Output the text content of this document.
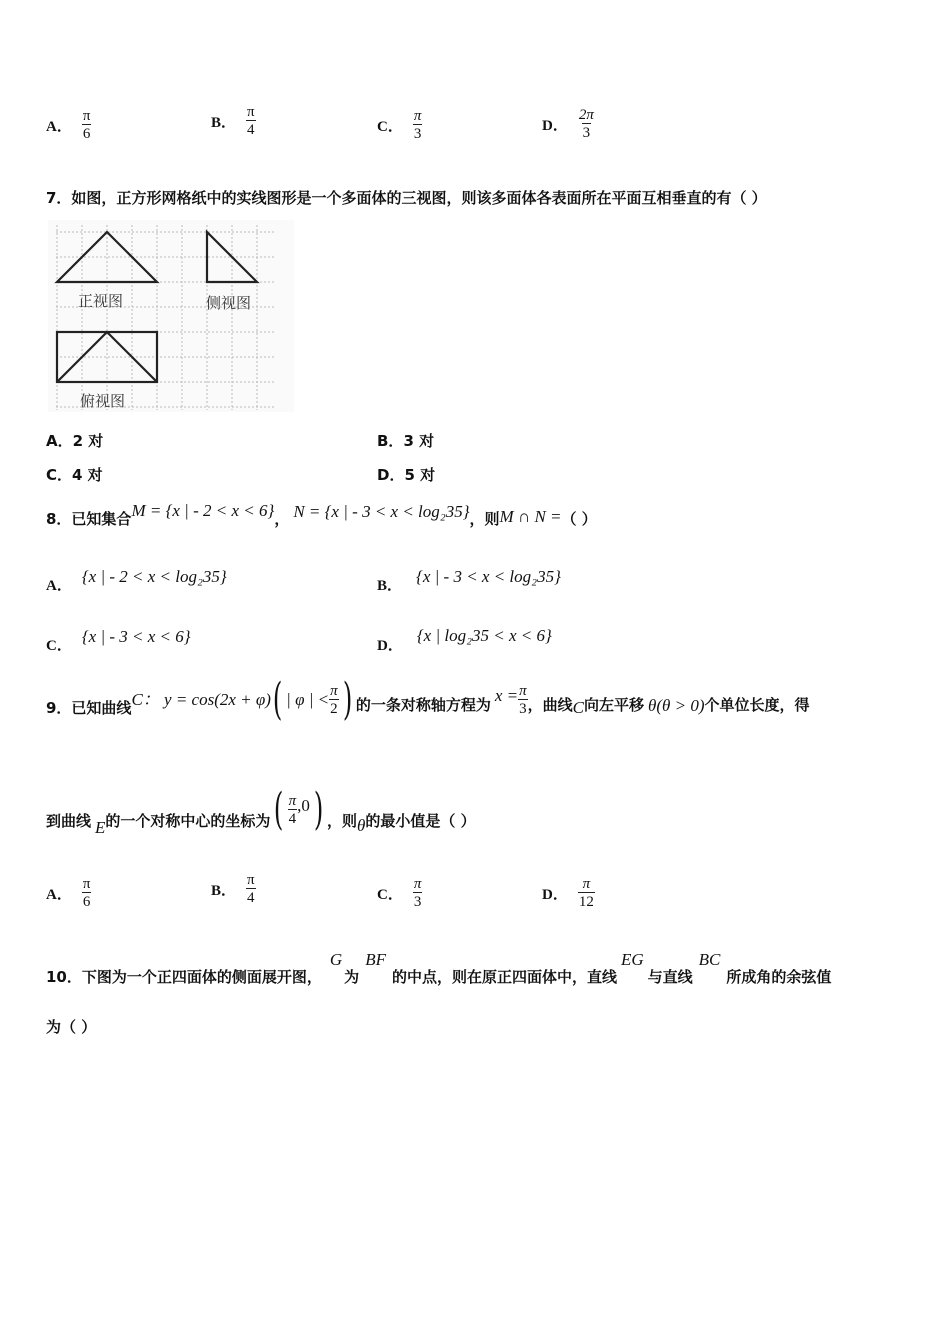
A． $\frac{\pi}{6}$	B． $\frac{\pi}{4}$	C． $\frac{\pi}{3}$	D． $\frac{2\pi}{3}$
7．如图，正方形网格纸中的实线图形是一个多面体的三视图，则该多面体各表面所在平面互相垂直的有（ ）
正视图	侧视图
俯视图
A．2 对	B．3 对
C．4 对	D．5 对
8．已知集合 M = {x | - 2 < x < 6} ， N = {x | - 3 < x < log₂35} ，则 M ∩ N = （ ）
A．
{x | - 2 < x < log₂35}
B．
{x | - 3 < x < log₂35}
C．
{x | - 3 < x < 6}
D．
{x | log₂35 < x < 6}
9．已知曲线 C： y = cos(2x + φ) ( | φ | < $\frac{\pi}{2}$ ) 的一条对称轴方程为 $x = \frac{\pi}{3}$ ，曲线 C 向左平移 θ(θ > 0) 个单位长度，得
到曲线 E 的一个对称中心的坐标为 ( $\frac{\pi}{4} ,0$ ) ，则 θ 的最小值是（ ）
A． $\frac{\pi}{6}$	B． $\frac{\pi}{4}$	C． $\frac{\pi}{3}$	D． $\frac{\pi}{12}$
10．下图为一个正四面体的侧面展开图，
G
为
BF
的中点，则在原正四面体中，直线
EG
与直线
BC
所成角的余弦值
为（ ）
